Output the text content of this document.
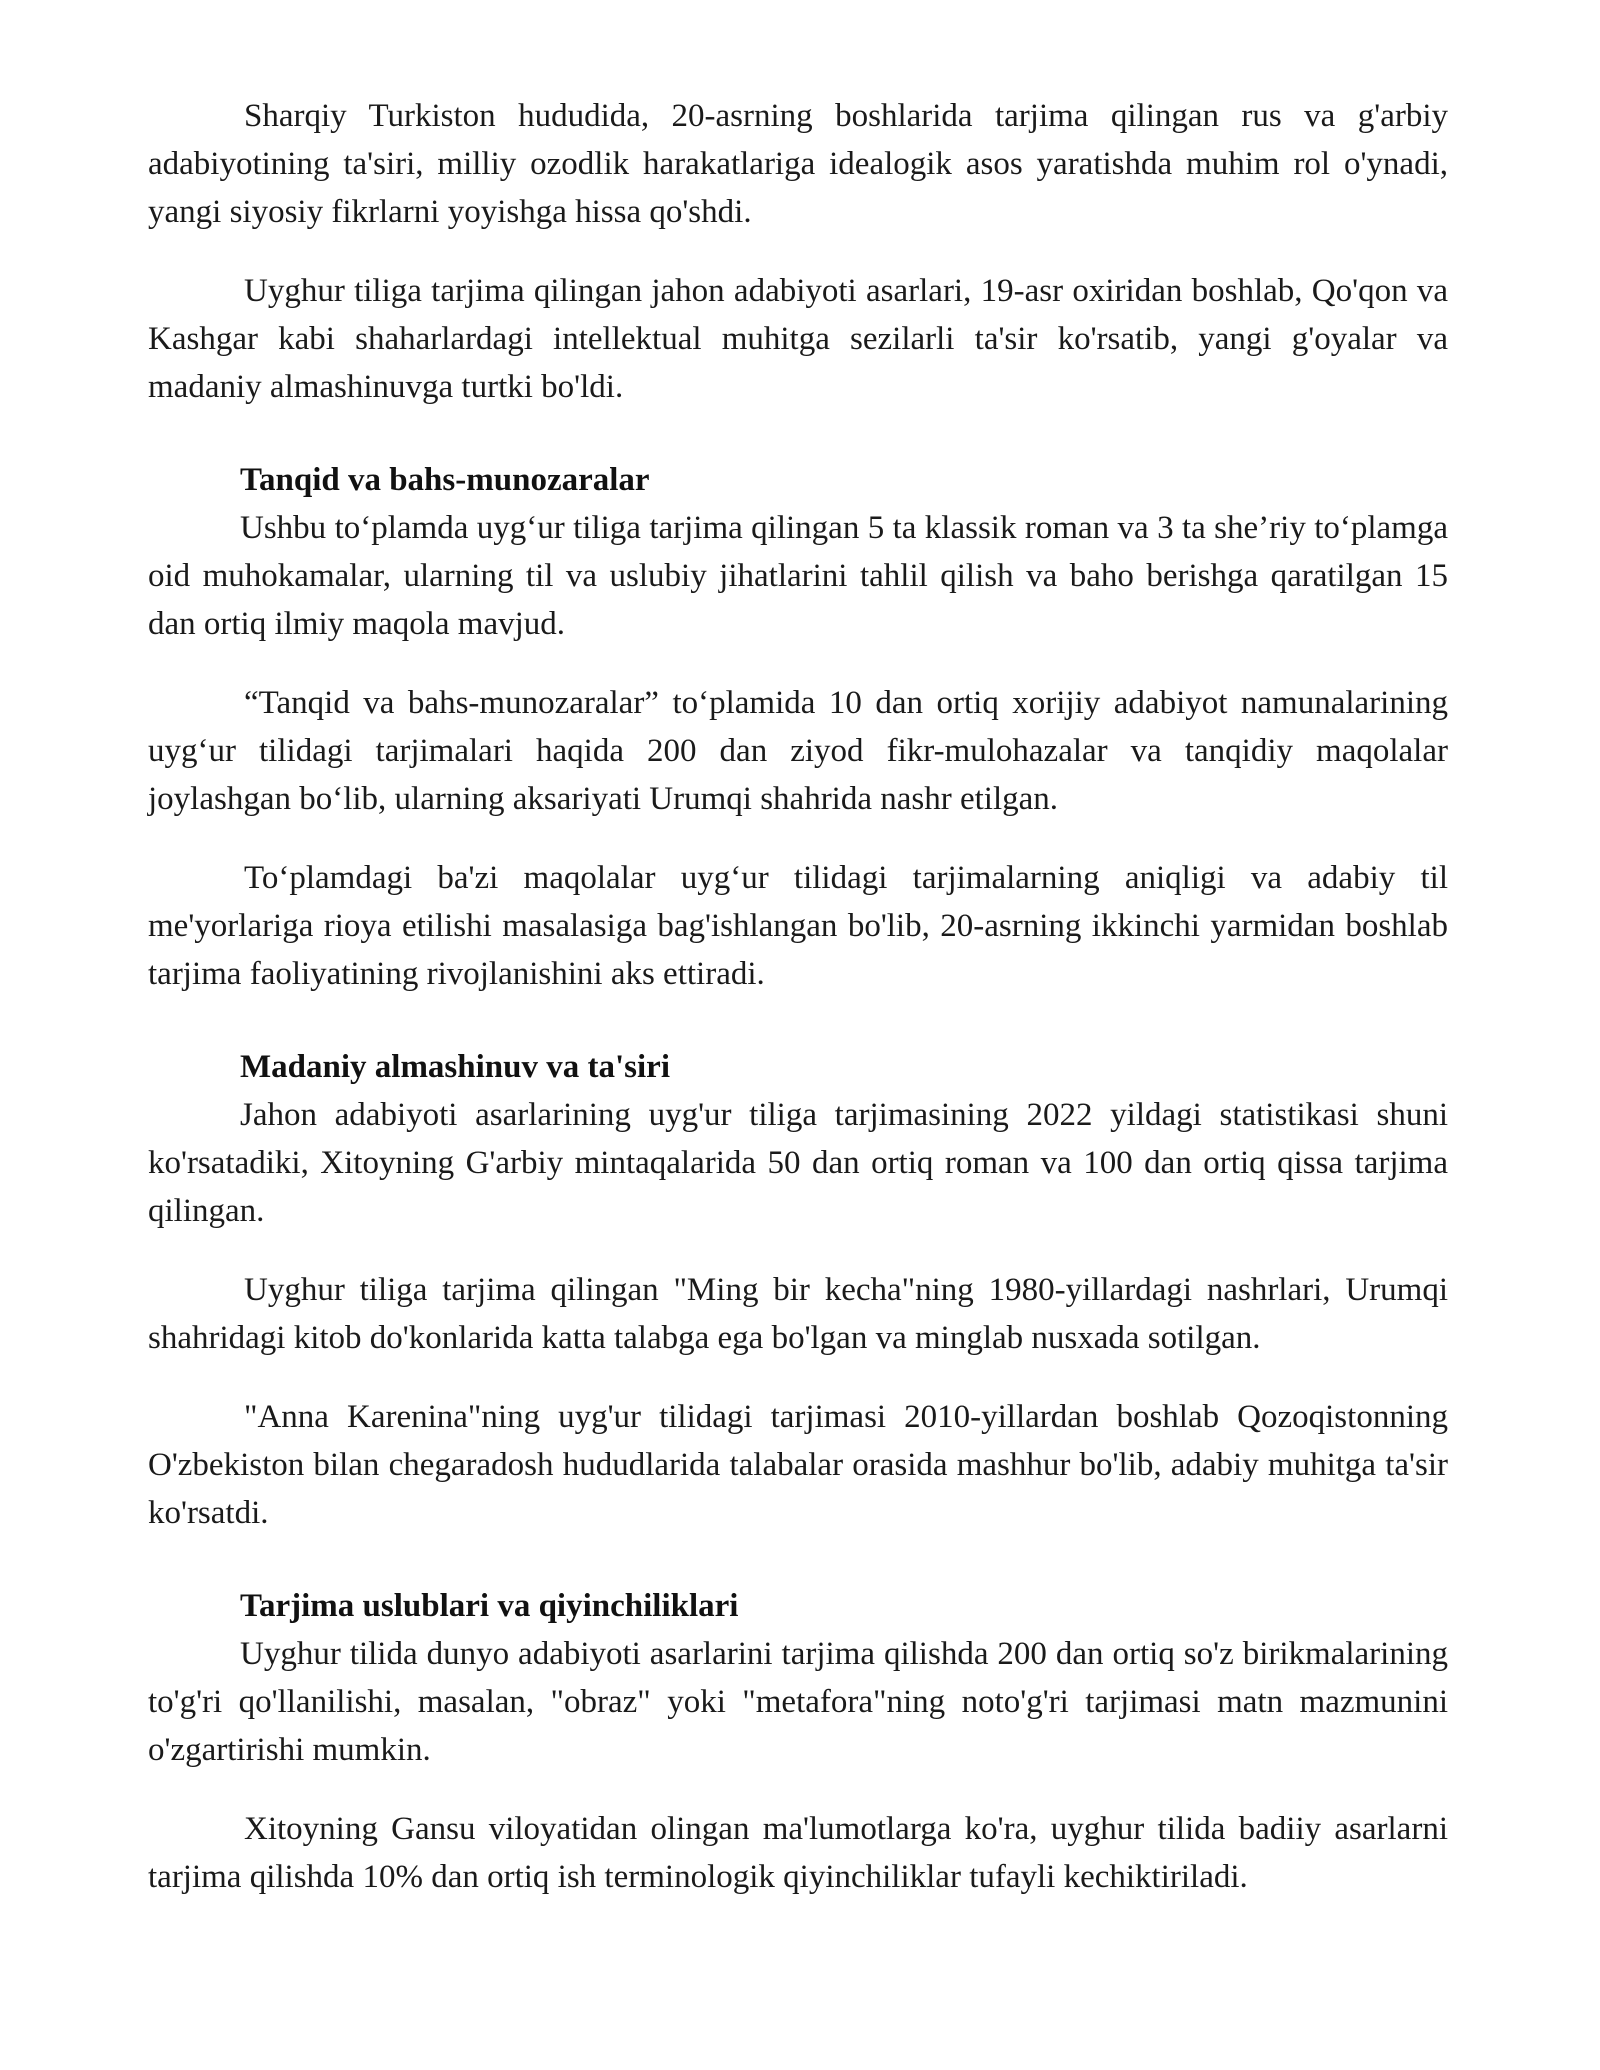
Sharqiy Turkiston hududida, 20-asrning boshlarida tarjima qilingan rus va g'arbiy adabiyotining ta'siri, milliy ozodlik harakatlariga idealogik asos yaratishda muhim rol o'ynadi, yangi siyosiy fikrlarni yoyishga hissa qo'shdi.

Uyghur tiliga tarjima qilingan jahon adabiyoti asarlari, 19-asr oxiridan boshlab, Qo'qon va Kashgar kabi shaharlardagi intellektual muhitga sezilarli ta'sir ko'rsatib, yangi g'oyalar va madaniy almashinuvga turtki bo'ldi.

Tanqid va bahs-munozaralar

Ushbu to‘plamda uyg‘ur tiliga tarjima qilingan 5 ta klassik roman va 3 ta she’riy to‘plamga oid muhokamalar, ularning til va uslubiy jihatlarini tahlil qilish va baho berishga qaratilgan 15 dan ortiq ilmiy maqola mavjud.

“Tanqid va bahs-munozaralar” to‘plamida 10 dan ortiq xorijiy adabiyot namunalarining uyg‘ur tilidagi tarjimalari haqida 200 dan ziyod fikr-mulohazalar va tanqidiy maqolalar joylashgan bo‘lib, ularning aksariyati Urumqi shahrida nashr etilgan.

To‘plamdagi ba'zi maqolalar uyg‘ur tilidagi tarjimalarning aniqligi va adabiy til me'yorlariga rioya etilishi masalasiga bag'ishlangan bo'lib, 20-asrning ikkinchi yarmidan boshlab tarjima faoliyatining rivojlanishini aks ettiradi.

Madaniy almashinuv va ta'siri

Jahon adabiyoti asarlarining uyg'ur tiliga tarjimasining 2022 yildagi statistikasi shuni ko'rsatadiki, Xitoyning G'arbiy mintaqalarida 50 dan ortiq roman va 100 dan ortiq qissa tarjima qilingan.

Uyghur tiliga tarjima qilingan "Ming bir kecha"ning 1980-yillardagi nashrlari, Urumqi shahridagi kitob do'konlarida katta talabga ega bo'lgan va minglab nusxada sotilgan.

"Anna Karenina"ning uyg'ur tilidagi tarjimasi 2010-yillardan boshlab Qozoqistonning O'zbekiston bilan chegaradosh hududlarida talabalar orasida mashhur bo'lib, adabiy muhitga ta'sir ko'rsatdi.

Tarjima uslublari va qiyinchiliklari

Uyghur tilida dunyo adabiyoti asarlarini tarjima qilishda 200 dan ortiq so'z birikmalarining to'g'ri qo'llanilishi, masalan, "obraz" yoki "metafora"ning noto'g'ri tarjimasi matn mazmunini o'zgartirishi mumkin.

Xitoyning Gansu viloyatidan olingan ma'lumotlarga ko'ra, uyghur tilida badiiy asarlarni tarjima qilishda 10% dan ortiq ish terminologik qiyinchiliklar tufayli kechiktiriladi.
